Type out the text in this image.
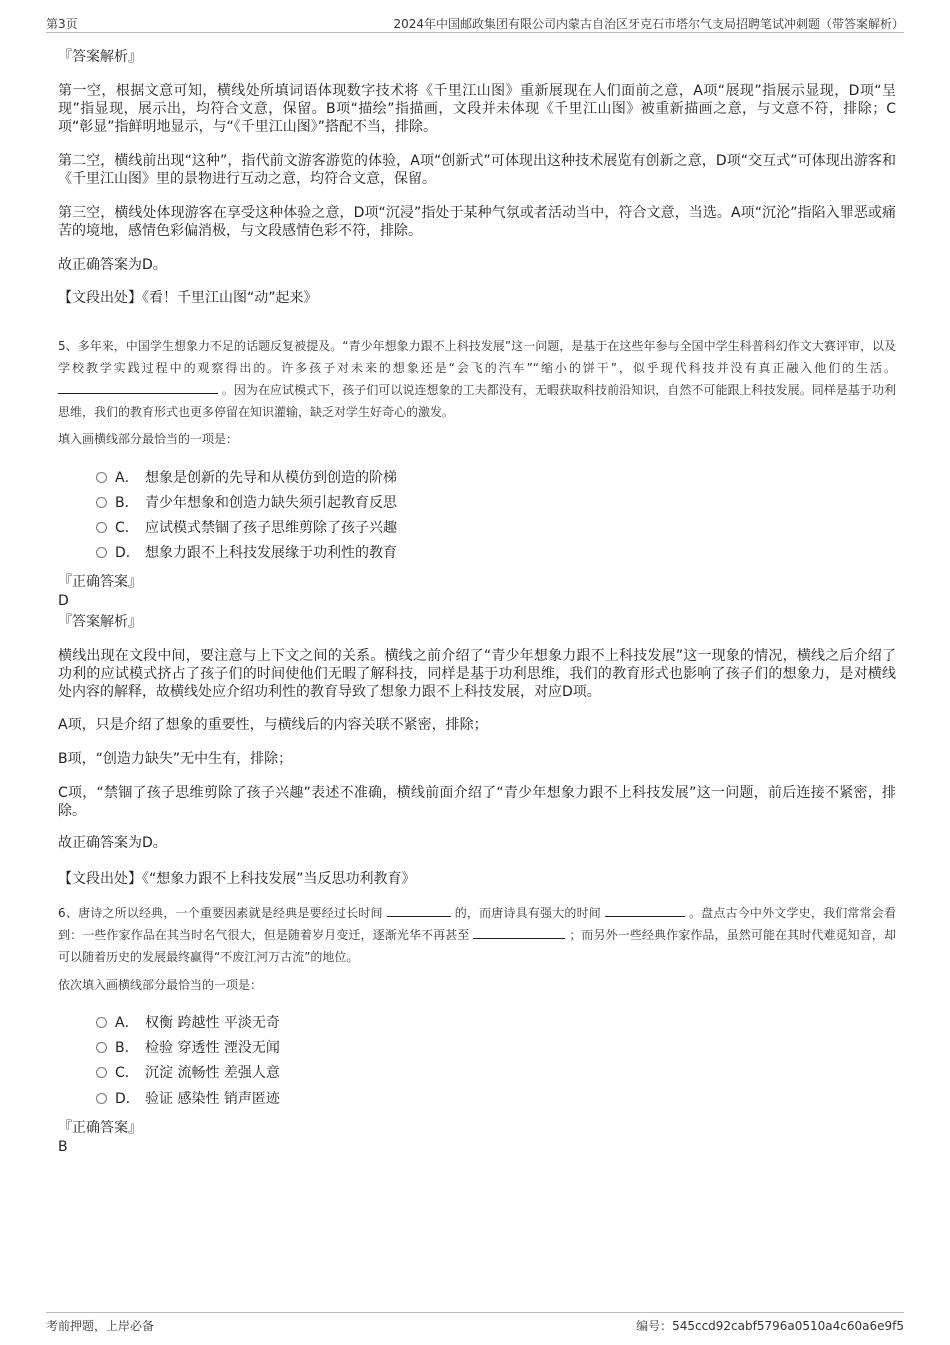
第3页	2024年中国邮政集团有限公司内蒙古自治区牙克石市塔尔气支局招聘笔试冲刺题（带答案解析）

『答案解析』

第一空，根据文意可知，横线处所填词语体现数字技术将《千里江山图》重新展现在人们面前之意，A项“展现”指展示显现，D项“呈现”指显现，展示出，均符合文意，保留。B项“描绘”指描画，文段并未体现《千里江山图》被重新描画之意，与文意不符，排除；C项“彰显”指鲜明地显示，与“《千里江山图》”搭配不当，排除。

第二空，横线前出现“这种”，指代前文游客游览的体验，A项“创新式”可体现出这种技术展览有创新之意，D项“交互式”可体现出游客和《千里江山图》里的景物进行互动之意，均符合文意，保留。

第三空，横线处体现游客在享受这种体验之意，D项“沉浸”指处于某种气氛或者活动当中，符合文意，当选。A项“沉沦”指陷入罪恶或痛苦的境地，感情色彩偏消极，与文段感情色彩不符，排除。

故正确答案为D。

【文段出处】《看！千里江山图“动”起来》

5、多年来，中国学生想象力不足的话题反复被提及。“青少年想象力跟不上科技发展”这一问题，是基于在这些年参与全国中学生科普科幻作文大赛评审，以及学校教学实践过程中的观察得出的。许多孩子对未来的想象还是“会飞的汽车”“缩小的饼干”，似乎现代科技并没有真正融入他们的生活。  。因为在应试模式下，孩子们可以说连想象的工夫都没有，无暇获取科技前沿知识，自然不可能跟上科技发展。同样是基于功利思维，我们的教育形式也更多停留在知识灌输，缺乏对学生好奇心的激发。

填入画横线部分最恰当的一项是：

A． 想象是创新的先导和从模仿到创造的阶梯
B． 青少年想象和创造力缺失须引起教育反思
C． 应试模式禁锢了孩子思维剪除了孩子兴趣
D． 想象力跟不上科技发展缘于功利性的教育

『正确答案』

D

『答案解析』

横线出现在文段中间，要注意与上下文之间的关系。横线之前介绍了“青少年想象力跟不上科技发展”这一现象的情况，横线之后介绍了功利的应试模式挤占了孩子们的时间使他们无暇了解科技，同样是基于功利思维，我们的教育形式也影响了孩子们的想象力，是对横线处内容的解释，故横线处应介绍功利性的教育导致了想象力跟不上科技发展，对应D项。

A项，只是介绍了想象的重要性，与横线后的内容关联不紧密，排除；

B项，“创造力缺失”无中生有，排除；

C项，“禁锢了孩子思维剪除了孩子兴趣”表述不准确，横线前面介绍了“青少年想象力跟不上科技发展”这一问题，前后连接不紧密，排除。

故正确答案为D。

【文段出处】《“想象力跟不上科技发展”当反思功利教育》

6、唐诗之所以经典，一个重要因素就是经典是要经过长时间	的，而唐诗具有强大的时间	。盘点古今中外文学史，我们常常会看到：一些作家作品在其当时名气很大，但是随着岁月变迁，逐渐光华不再甚至	；而另外一些经典作家作品，虽然可能在其时代难觅知音，却可以随着历史的发展最终赢得“不废江河万古流”的地位。

依次填入画横线部分最恰当的一项是：

A． 权衡 跨越性 平淡无奇
B． 检验 穿透性 湮没无闻
C． 沉淀 流畅性 差强人意
D． 验证 感染性 销声匿迹

『正确答案』

B

考前押题，上岸必备	编号：545ccd92cabf5796a0510a4c60a6e9f5
